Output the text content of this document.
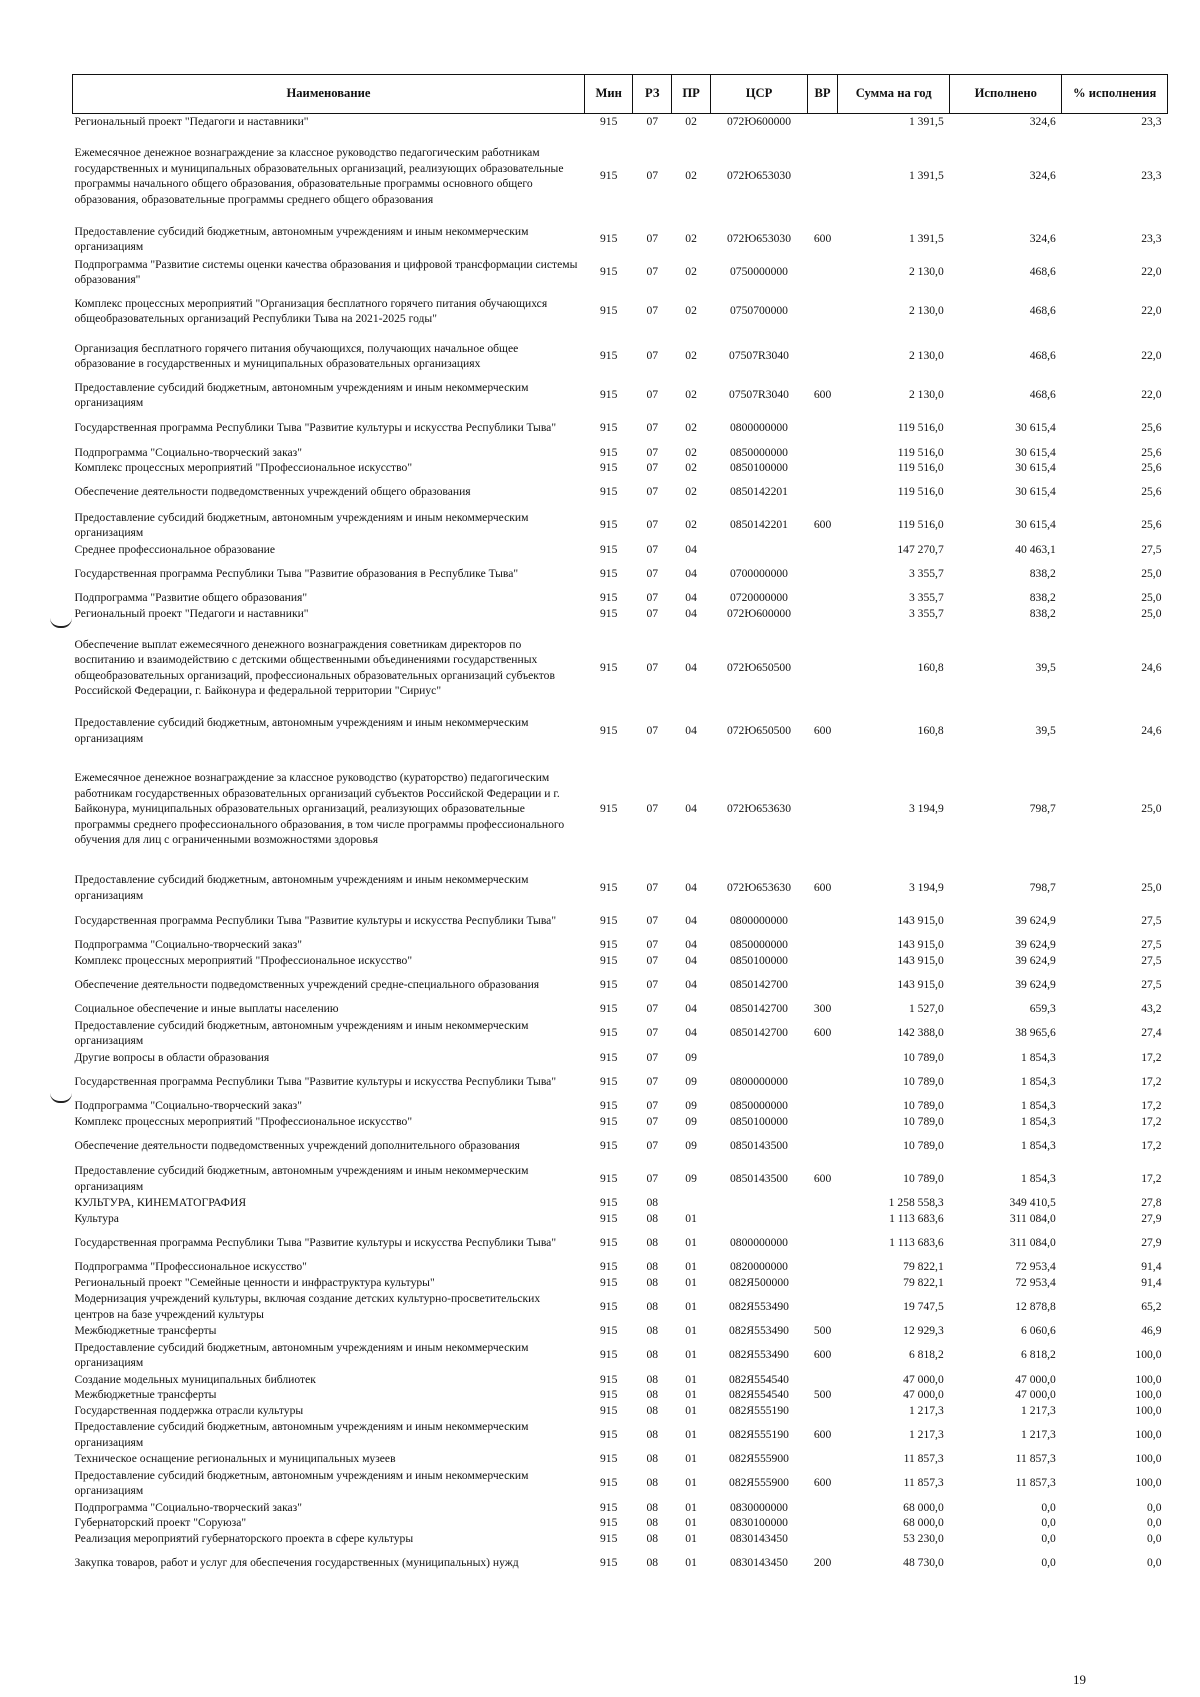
Наименование	Мин	РЗ	ПР	ЦСР	ВР	Сумма на год	Исполнено	% исполнения
Региональный проект "Педагоги и наставники"	915	07	02	072Ю600000		1 391,5	324,6	23,3
Ежемесячное денежное вознаграждение за классное руководство педагогическим работникам государственных и муниципальных образовательных организаций, реализующих образовательные программы начального общего образования, образовательные программы основного общего образования, образовательные программы среднего общего образования	915	07	02	072Ю653030		1 391,5	324,6	23,3
Предоставление субсидий бюджетным, автономным учреждениям и иным некоммерческим организациям	915	07	02	072Ю653030	600	1 391,5	324,6	23,3
Подпрограмма "Развитие системы оценки качества образования и цифровой трансформации системы образования"	915	07	02	0750000000		2 130,0	468,6	22,0
Комплекс процессных мероприятий "Организация бесплатного горячего питания обучающихся общеобразовательных организаций Республики Тыва на 2021-2025 годы"	915	07	02	0750700000		2 130,0	468,6	22,0
Организация бесплатного горячего питания обучающихся, получающих начальное общее образование в государственных и муниципальных образовательных организациях	915	07	02	07507R3040		2 130,0	468,6	22,0
Предоставление субсидий бюджетным, автономным учреждениям и иным некоммерческим организациям	915	07	02	07507R3040	600	2 130,0	468,6	22,0
Государственная программа Республики Тыва "Развитие культуры и искусства Республики Тыва"	915	07	02	0800000000		119 516,0	30 615,4	25,6
Подпрограмма "Социально-творческий заказ"	915	07	02	0850000000		119 516,0	30 615,4	25,6
Комплекс процессных мероприятий "Профессиональное искусство"	915	07	02	0850100000		119 516,0	30 615,4	25,6
Обеспечение деятельности подведомственных учреждений общего образования	915	07	02	0850142201		119 516,0	30 615,4	25,6
Предоставление субсидий бюджетным, автономным учреждениям и иным некоммерческим организациям	915	07	02	0850142201	600	119 516,0	30 615,4	25,6
Среднее профессиональное образование	915	07	04			147 270,7	40 463,1	27,5
Государственная программа Республики Тыва "Развитие образования в Республике Тыва"	915	07	04	0700000000		3 355,7	838,2	25,0
Подпрограмма "Развитие общего образования"	915	07	04	0720000000		3 355,7	838,2	25,0
Региональный проект "Педагоги и наставники"	915	07	04	072Ю600000		3 355,7	838,2	25,0
Обеспечение выплат ежемесячного денежного вознаграждения советникам директоров по воспитанию и взаимодействию с детскими общественными объединениями государственных общеобразовательных организаций, профессиональных образовательных организаций субъектов Российской Федерации, г. Байконура и федеральной территории "Сириус"	915	07	04	072Ю650500		160,8	39,5	24,6
Предоставление субсидий бюджетным, автономным учреждениям и иным некоммерческим организациям	915	07	04	072Ю650500	600	160,8	39,5	24,6
Ежемесячное денежное вознаграждение за классное руководство (кураторство) педагогическим работникам государственных образовательных организаций субъектов Российской Федерации и г. Байконура, муниципальных образовательных организаций, реализующих образовательные программы среднего профессионального образования, в том числе программы профессионального обучения для лиц с ограниченными возможностями здоровья	915	07	04	072Ю653630		3 194,9	798,7	25,0
Предоставление субсидий бюджетным, автономным учреждениям и иным некоммерческим организациям	915	07	04	072Ю653630	600	3 194,9	798,7	25,0
Государственная программа Республики Тыва "Развитие культуры и искусства Республики Тыва"	915	07	04	0800000000		143 915,0	39 624,9	27,5
Подпрограмма "Социально-творческий заказ"	915	07	04	0850000000		143 915,0	39 624,9	27,5
Комплекс процессных мероприятий "Профессиональное искусство"	915	07	04	0850100000		143 915,0	39 624,9	27,5
Обеспечение деятельности подведомственных учреждений средне-специального образования	915	07	04	0850142700		143 915,0	39 624,9	27,5
Социальное обеспечение и иные выплаты населению	915	07	04	0850142700	300	1 527,0	659,3	43,2
Предоставление субсидий бюджетным, автономным учреждениям и иным некоммерческим организациям	915	07	04	0850142700	600	142 388,0	38 965,6	27,4
Другие вопросы в области образования	915	07	09			10 789,0	1 854,3	17,2
Государственная программа Республики Тыва "Развитие культуры и искусства Республики Тыва"	915	07	09	0800000000		10 789,0	1 854,3	17,2
Подпрограмма "Социально-творческий заказ"	915	07	09	0850000000		10 789,0	1 854,3	17,2
Комплекс процессных мероприятий "Профессиональное искусство"	915	07	09	0850100000		10 789,0	1 854,3	17,2
Обеспечение деятельности подведомственных учреждений дополнительного образования	915	07	09	0850143500		10 789,0	1 854,3	17,2
Предоставление субсидий бюджетным, автономным учреждениям и иным некоммерческим организациям	915	07	09	0850143500	600	10 789,0	1 854,3	17,2
КУЛЬТУРА, КИНЕМАТОГРАФИЯ	915	08				1 258 558,3	349 410,5	27,8
Культура	915	08	01			1 113 683,6	311 084,0	27,9
Государственная программа Республики Тыва "Развитие культуры и искусства Республики Тыва"	915	08	01	0800000000		1 113 683,6	311 084,0	27,9
Подпрограмма "Профессиональное искусство"	915	08	01	0820000000		79 822,1	72 953,4	91,4
Региональный проект "Семейные ценности и инфраструктура культуры"	915	08	01	082Я500000		79 822,1	72 953,4	91,4
Модернизация учреждений культуры, включая создание детских культурно-просветительских центров на базе учреждений культуры	915	08	01	082Я553490		19 747,5	12 878,8	65,2
Межбюджетные трансферты	915	08	01	082Я553490	500	12 929,3	6 060,6	46,9
Предоставление субсидий бюджетным, автономным учреждениям и иным некоммерческим организациям	915	08	01	082Я553490	600	6 818,2	6 818,2	100,0
Создание модельных муниципальных библиотек	915	08	01	082Я554540		47 000,0	47 000,0	100,0
Межбюджетные трансферты	915	08	01	082Я554540	500	47 000,0	47 000,0	100,0
Государственная поддержка отрасли культуры	915	08	01	082Я555190		1 217,3	1 217,3	100,0
Предоставление субсидий бюджетным, автономным учреждениям и иным некоммерческим организациям	915	08	01	082Я555190	600	1 217,3	1 217,3	100,0
Техническое оснащение региональных и муниципальных музеев	915	08	01	082Я555900		11 857,3	11 857,3	100,0
Предоставление субсидий бюджетным, автономным учреждениям и иным некоммерческим организациям	915	08	01	082Я555900	600	11 857,3	11 857,3	100,0
Подпрограмма "Социально-творческий заказ"	915	08	01	0830000000		68 000,0	0,0	0,0
Губернаторский проект "Соруюза"	915	08	01	0830100000		68 000,0	0,0	0,0
Реализация мероприятий губернаторского проекта в сфере культуры	915	08	01	0830143450		53 230,0	0,0	0,0
Закупка товаров, работ и услуг для обеспечения государственных (муниципальных) нужд	915	08	01	0830143450	200	48 730,0	0,0	0,0
19
